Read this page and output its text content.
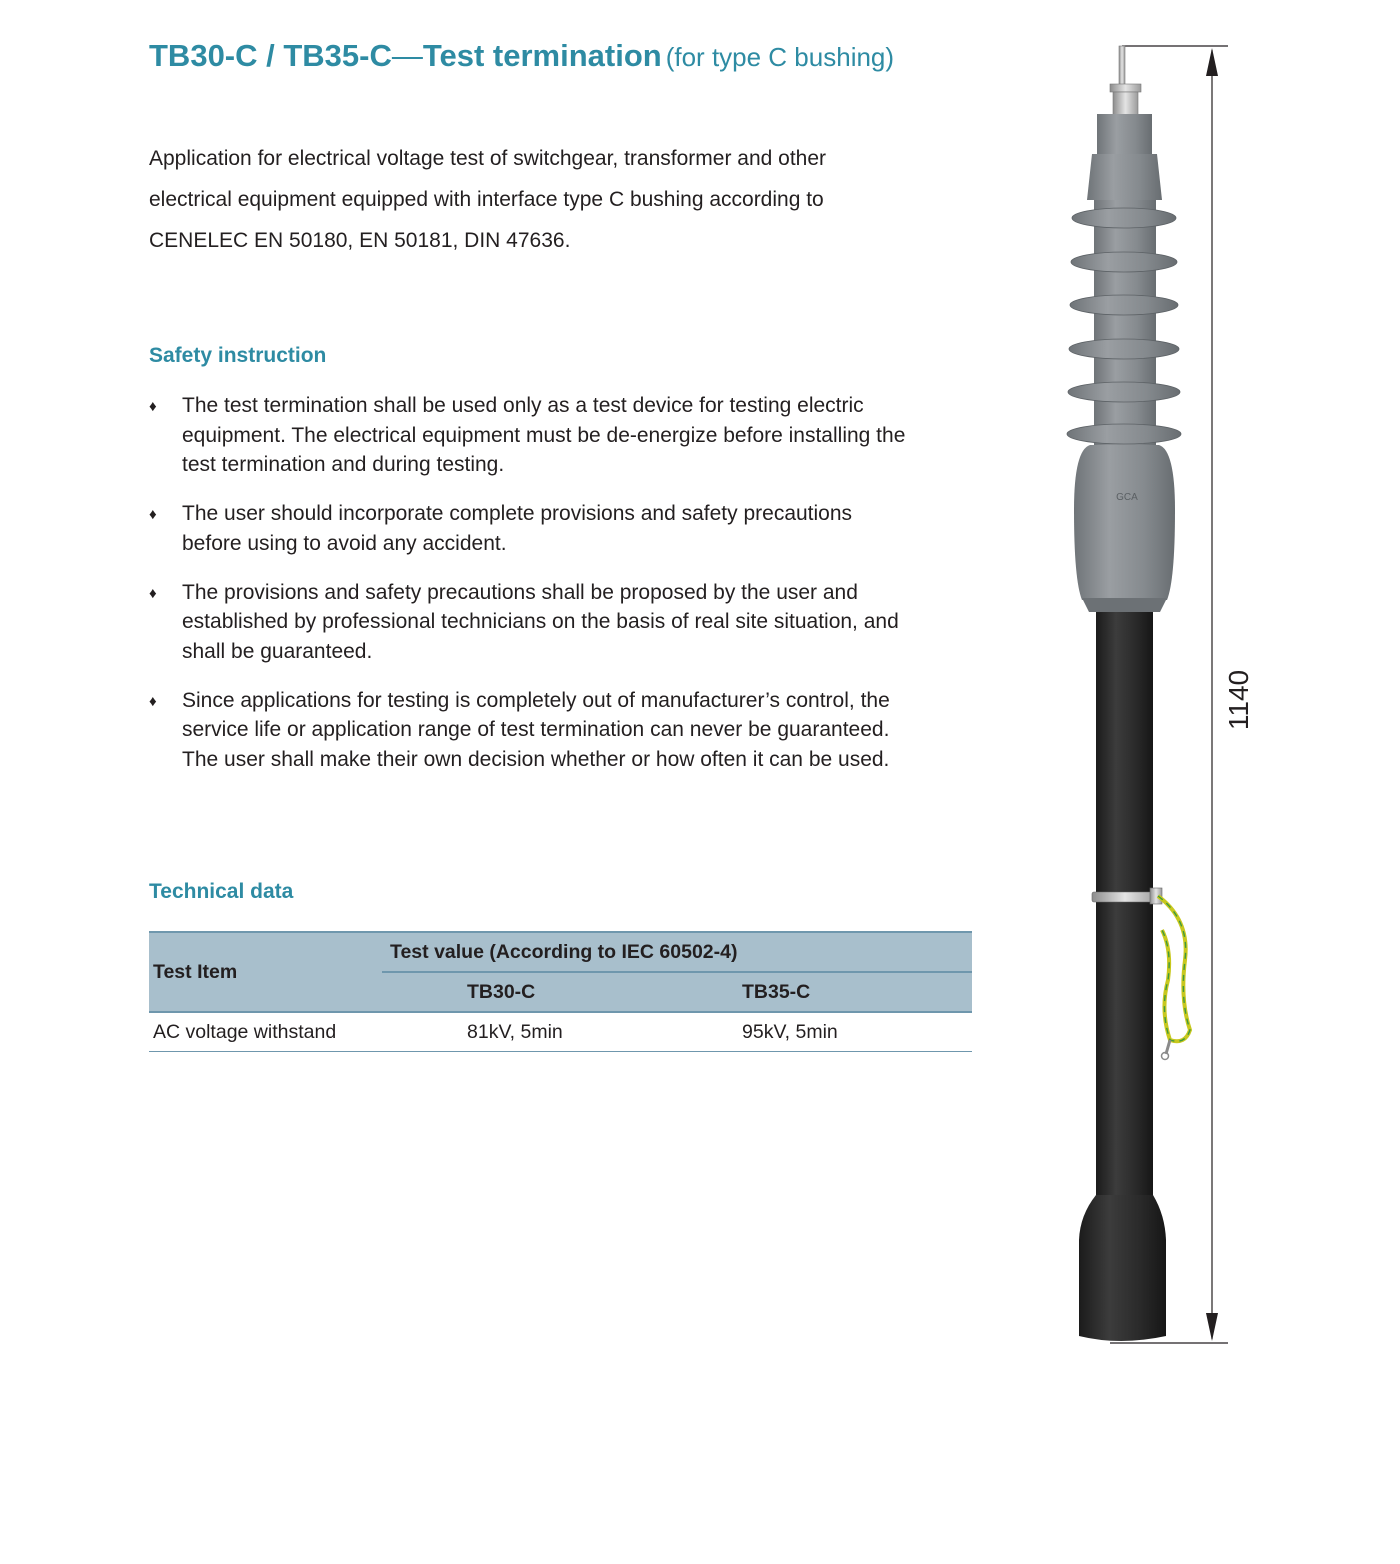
TB30-C / TB35-C—Test termination (for type C bushing)

Application for electrical voltage test of switchgear, transformer and other
electrical equipment equipped with interface type C bushing according to
CENELEC EN 50180, EN 50181, DIN 47636.

Safety instruction
♦ The test termination shall be used only as a test device for testing electric
equipment. The electrical equipment must be de-energize before installing the
test termination and during testing.
♦ The user should incorporate complete provisions and safety precautions
before using to avoid any accident.
♦ The provisions and safety precautions shall be proposed by the user and
established by professional technicians on the basis of real site situation, and
shall be guaranteed.
♦ Since applications for testing is completely out of manufacturer’s control, the
service life or application range of test termination can never be guaranteed.
The user shall make their own decision whether or how often it can be used.
Technical data
Test Item	Test value (According to IEC 60502-4)	
	TB30-C	TB35-C
AC voltage withstand	81kV, 5min	95kV, 5min
1140
GCA
